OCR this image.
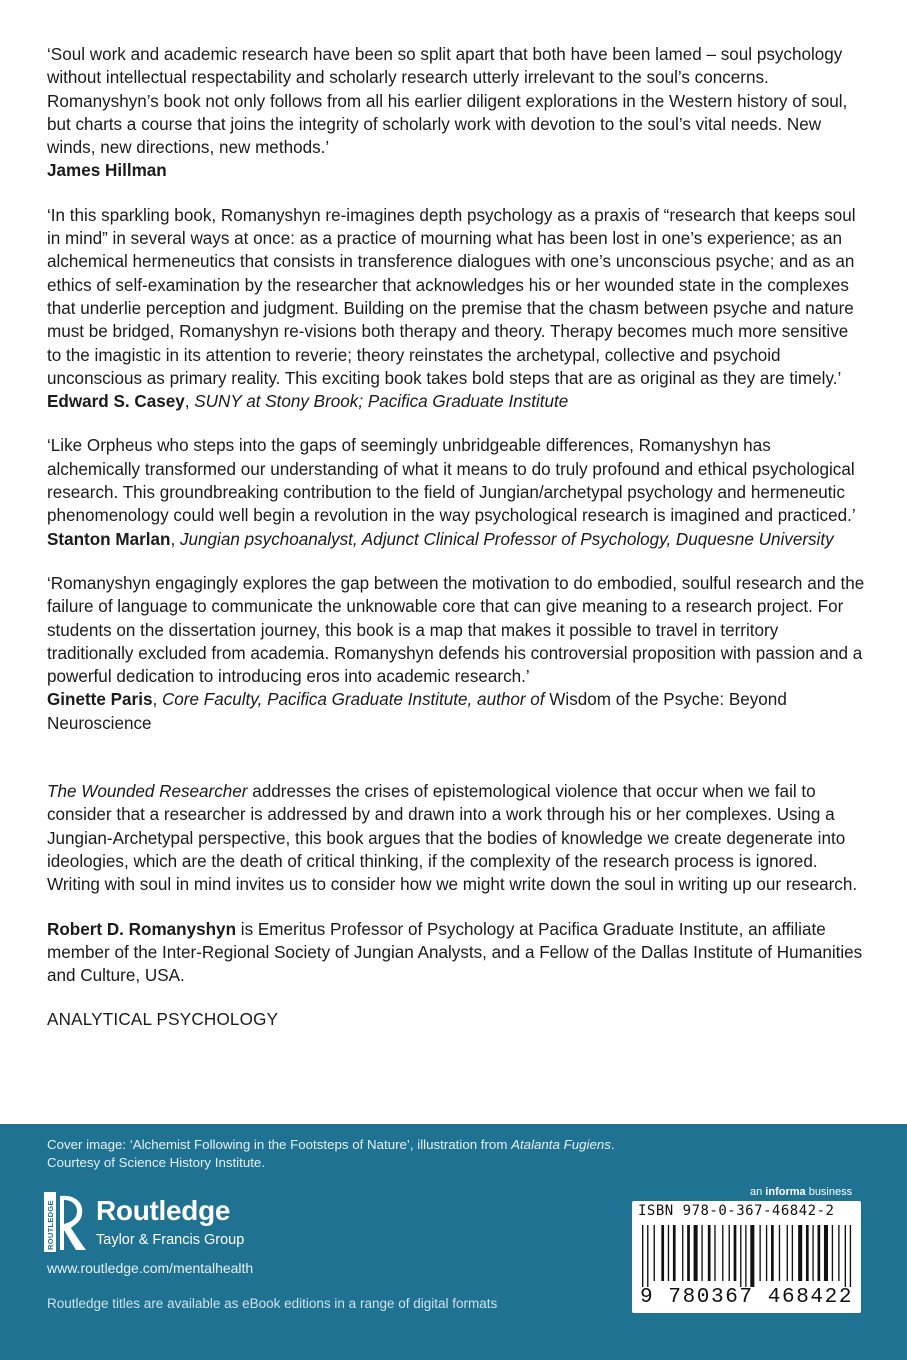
‘Soul work and academic research have been so split apart that both have been lamed – soul psychology without intellectual respectability and scholarly research utterly irrelevant to the soul’s concerns. Romanyshyn’s book not only follows from all his earlier diligent explorations in the Western history of soul, but charts a course that joins the integrity of scholarly work with devotion to the soul’s vital needs. New winds, new directions, new methods.’

James Hillman

‘In this sparkling book, Romanyshyn re-imagines depth psychology as a praxis of “research that keeps soul in mind” in several ways at once: as a practice of mourning what has been lost in one’s experience; as an alchemical hermeneutics that consists in transference dialogues with one’s unconscious psyche; and as an ethics of self-examination by the researcher that acknowledges his or her wounded state in the complexes that underlie perception and judgment. Building on the premise that the chasm between psyche and nature must be bridged, Romanyshyn re-visions both therapy and theory. Therapy becomes much more sensitive to the imagistic in its attention to reverie; theory reinstates the archetypal, collective and psychoid unconscious as primary reality. This exciting book takes bold steps that are as original as they are timely.’

Edward S. Casey, SUNY at Stony Brook; Pacifica Graduate Institute

‘Like Orpheus who steps into the gaps of seemingly unbridgeable differences, Romanyshyn has alchemically transformed our understanding of what it means to do truly profound and ethical psychological research. This groundbreaking contribution to the field of Jungian/archetypal psychology and hermeneutic phenomenology could well begin a revolution in the way psychological research is imagined and practiced.’

Stanton Marlan, Jungian psychoanalyst, Adjunct Clinical Professor of Psychology, Duquesne University

‘Romanyshyn engagingly explores the gap between the motivation to do embodied, soulful research and the failure of language to communicate the unknowable core that can give meaning to a research project. For students on the dissertation journey, this book is a map that makes it possible to travel in territory traditionally excluded from academia. Romanyshyn defends his controversial proposition with passion and a powerful dedication to introducing eros into academic research.’

Ginette Paris, Core Faculty, Pacifica Graduate Institute, author of Wisdom of the Psyche: Beyond Neuroscience

The Wounded Researcher addresses the crises of epistemological violence that occur when we fail to consider that a researcher is addressed by and drawn into a work through his or her complexes. Using a Jungian-Archetypal perspective, this book argues that the bodies of knowledge we create degenerate into ideologies, which are the death of critical thinking, if the complexity of the research process is ignored. Writing with soul in mind invites us to consider how we might write down the soul in writing up our research.

Robert D. Romanyshyn is Emeritus Professor of Psychology at Pacifica Graduate Institute, an affiliate member of the Inter-Regional Society of Jungian Analysts, and a Fellow of the Dallas Institute of Humanities and Culture, USA.

ANALYTICAL PSYCHOLOGY

Cover image: ‘Alchemist Following in the Footsteps of Nature’, illustration from Atalanta Fugiens.
Courtesy of Science History Institute.
ROUTLEDGE Routledge
Taylor & Francis Group
www.routledge.com/mentalhealth
Routledge titles are available as eBook editions in a range of digital formats
an informa business
ISBN 978-0-367-46842-2
9 780367 468422
